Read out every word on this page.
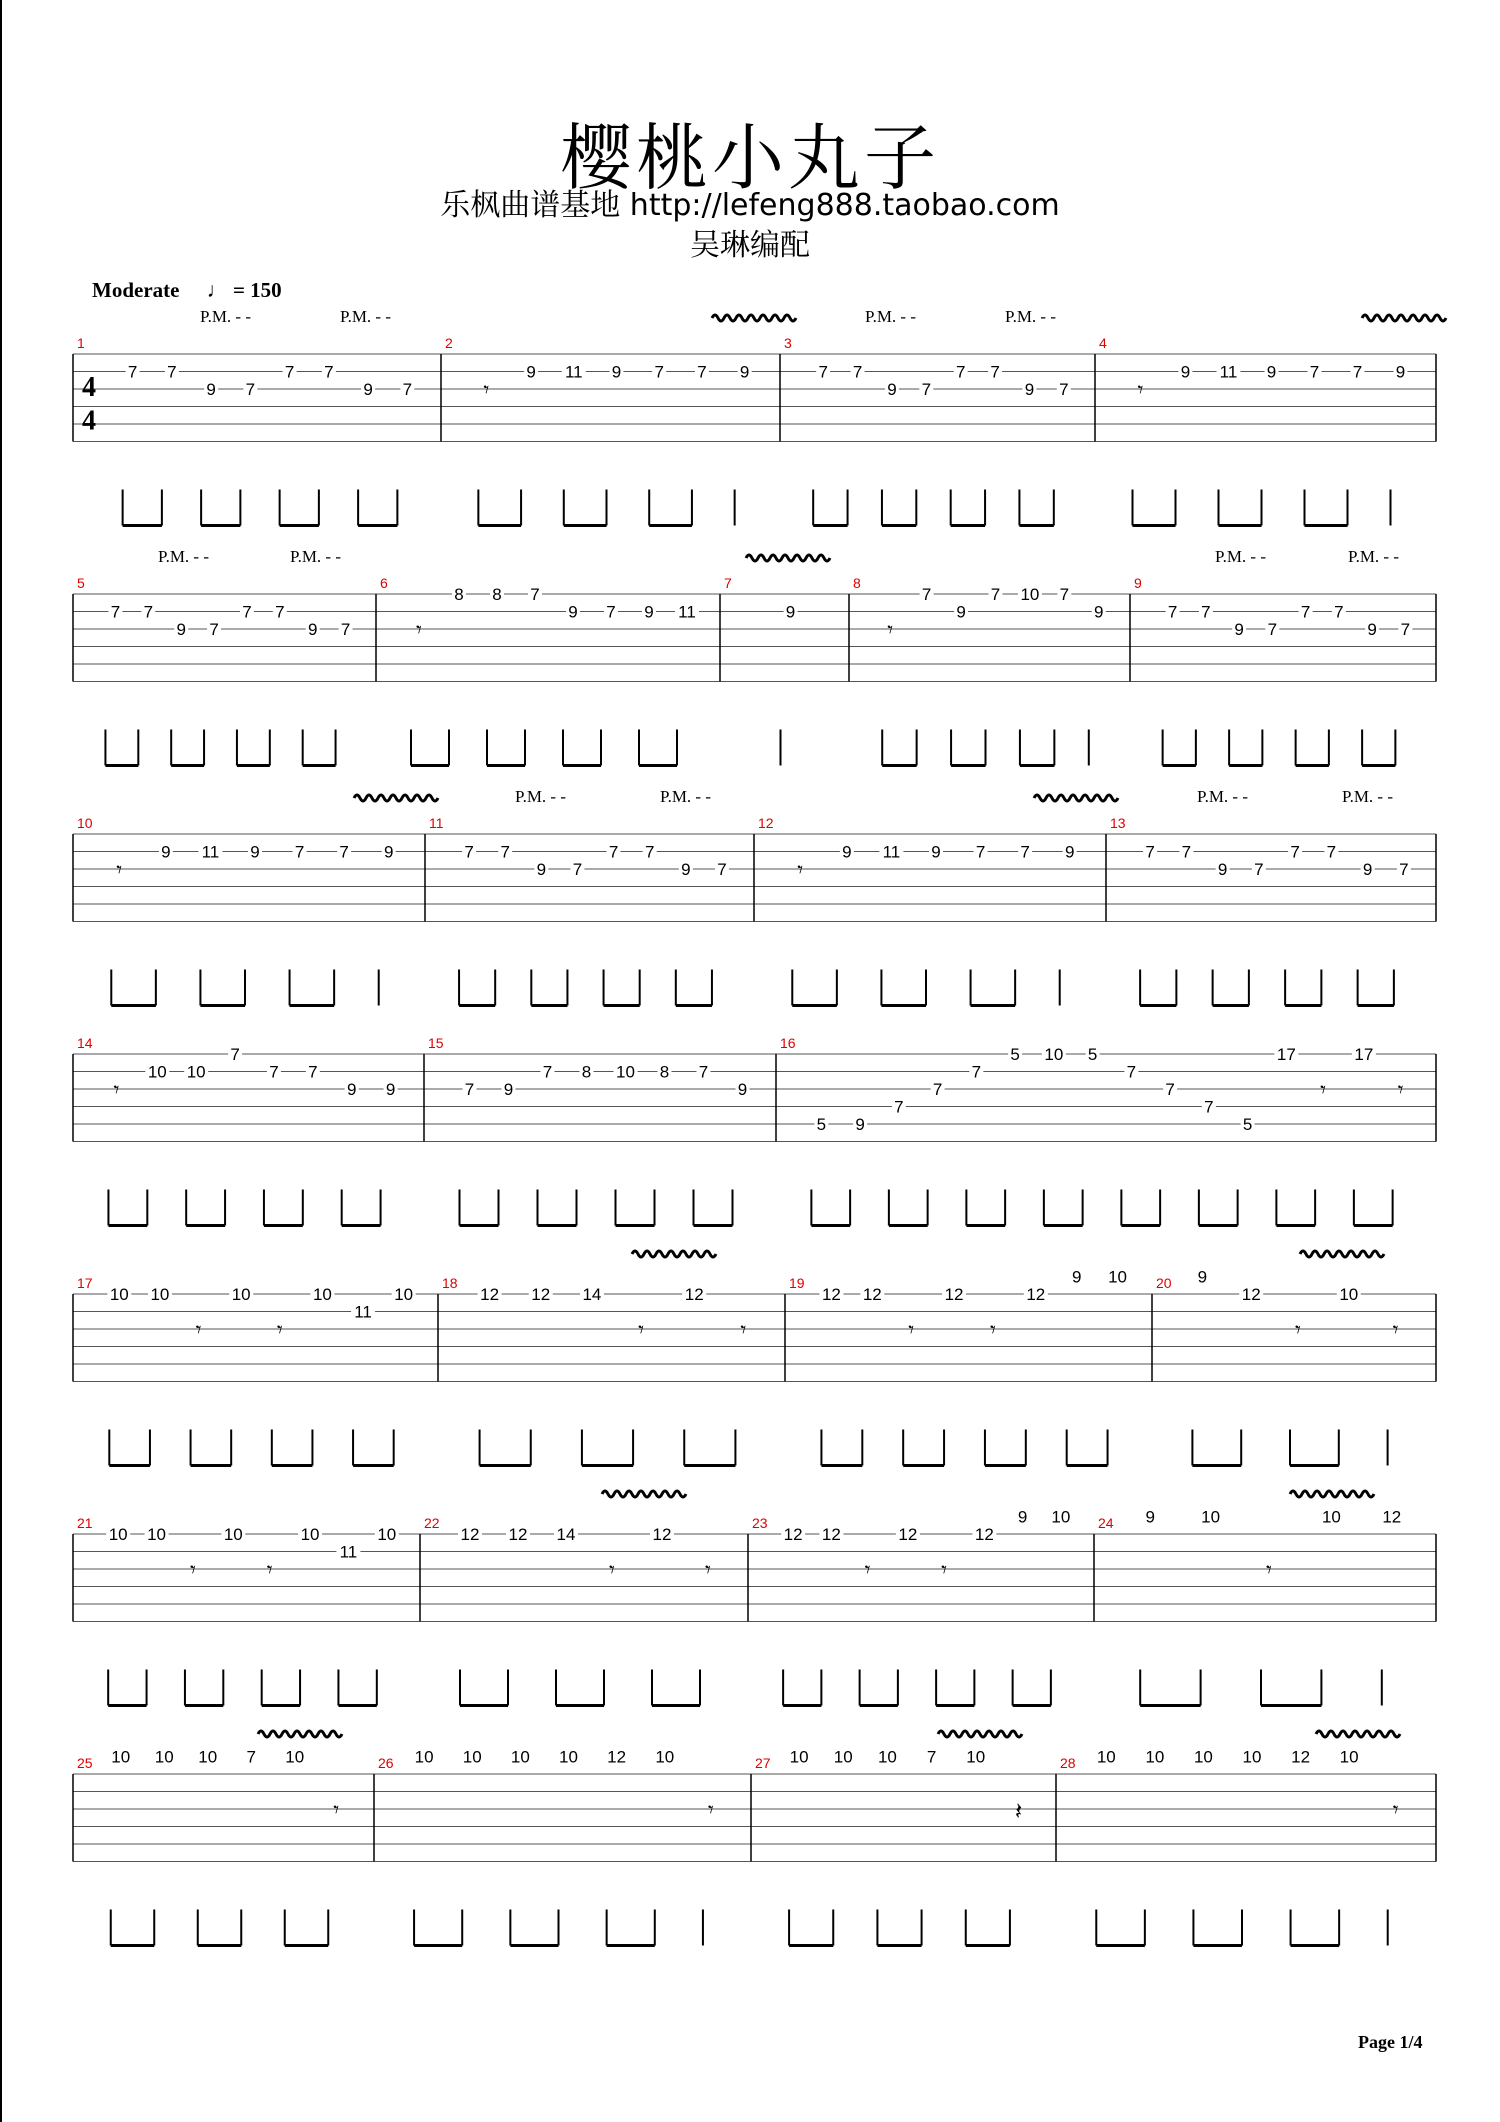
樱桃小丸子
乐枫曲谱基地 http://lefeng888.taobao.com
吴琳编配
Moderate ♩ = 150
4
4
1
7 7
9 7
7 7
9 7
2
𝄾
9 11 9 7 7 9
3
7 7
9 7
7 7
9 7
4
𝄾
9 11 9 7 7 9
5
7 7
9 7
7 7
9 7
6
𝄾
8 8 7
9 7 9 11
7
9
8
𝄾
7
9
7 10 7
9
9
7 7
9 7
7 7
9 7
10
𝄾
9 11 9 7 7 9
11
7 7
9 7
7 7
9 7
12
𝄾
9 11 9 7 7 9
13
7 7
9 7
7 7
9 7
14
𝄾
10 10
7
7 7
9 9
15
7 9
7 8 10 8 7
9
16
5 9
7
7
7
5 10 5
7
7
7
5
17
𝄾
17
𝄾
17
10 10
𝄾
10
𝄾
10
11
10
18
12 12 14
𝄾
12
𝄾
19
12 12
𝄾
12
𝄾
12
9 10 20 9
12
𝄾
10
𝄾
21
10 10
𝄾
10
𝄾
10
11
10
22
12 12 14
𝄾
12
𝄾
23
12 12
𝄾
12
𝄾
12
9 10 24 9	10
𝄾
10 12
25 10 10 10 7 10
𝄾
26 10 10 10 10 12 10
𝄾
27 10 10 10 7 10
𝄽
28 10 10 10 10 12 10
𝄾
P.M. - -	P.M. - -	P.M. - -	P.M. - -
P.M. - -	P.M. - -	P.M. - -	P.M. - -
P.M. - -	P.M. - -	P.M. - -	P.M. - -
Page 1/4
